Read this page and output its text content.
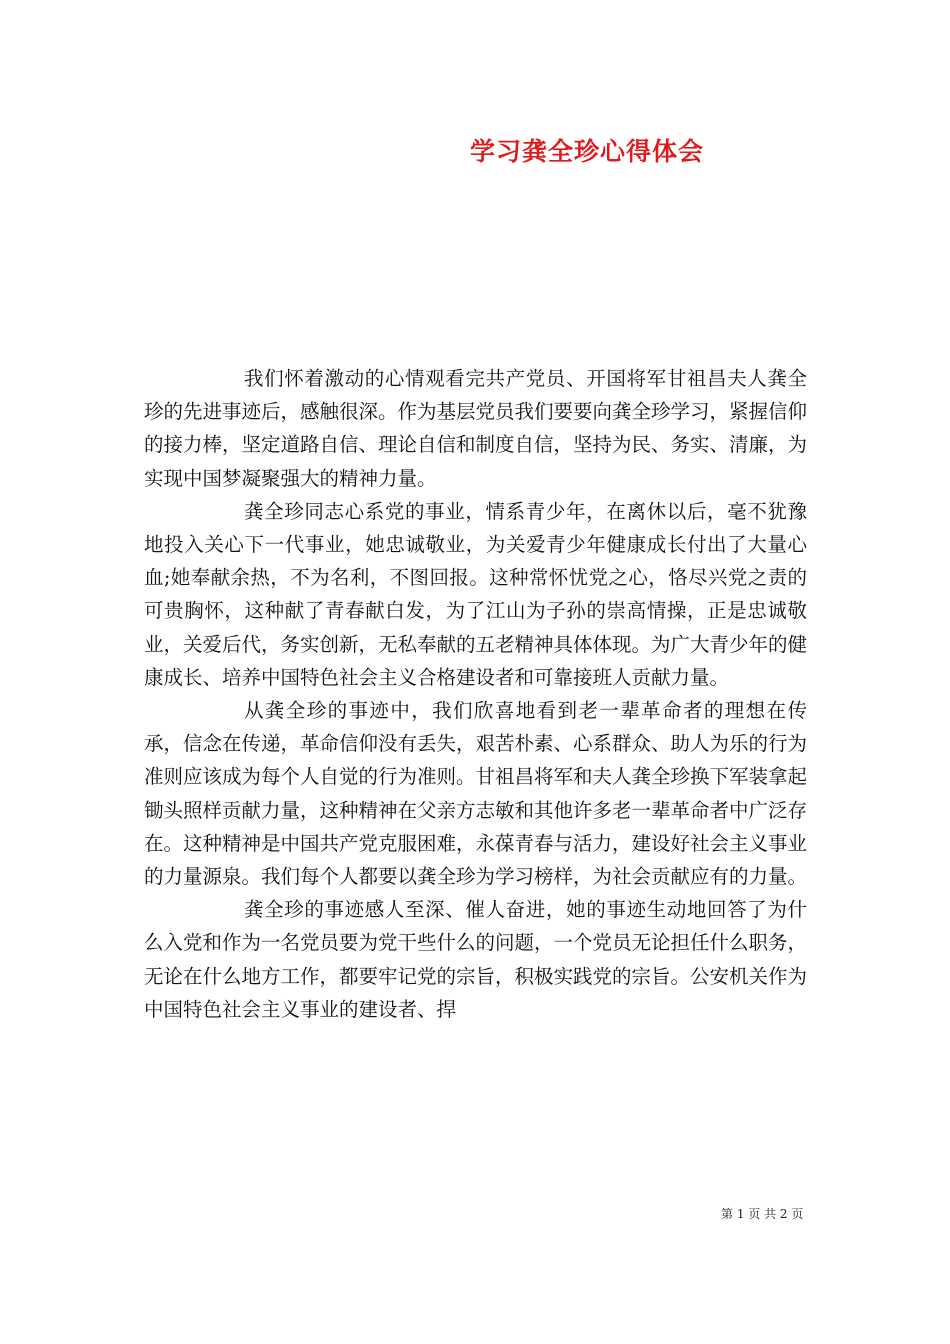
学习龚全珍心得体会

我们怀着激动的心情观看完共产党员、开国将军甘祖昌夫人龚全珍的先进事迹后，感触很深。作为基层党员我们要要向龚全珍学习，紧握信仰的接力棒，坚定道路自信、理论自信和制度自信，坚持为民、务实、清廉，为实现中国梦凝聚强大的精神力量。

龚全珍同志心系党的事业，情系青少年，在离休以后，毫不犹豫地投入关心下一代事业，她忠诚敬业，为关爱青少年健康成长付出了大量心血;她奉献余热，不为名利，不图回报。这种常怀忧党之心，恪尽兴党之责的可贵胸怀，这种献了青春献白发，为了江山为子孙的崇高情操，正是忠诚敬业，关爱后代，务实创新，无私奉献的五老精神具体体现。为广大青少年的健康成长、培养中国特色社会主义合格建设者和可靠接班人贡献力量。

从龚全珍的事迹中，我们欣喜地看到老一辈革命者的理想在传承，信念在传递，革命信仰没有丢失，艰苦朴素、心系群众、助人为乐的行为准则应该成为每个人自觉的行为准则。甘祖昌将军和夫人龚全珍换下军装拿起锄头照样贡献力量，这种精神在父亲方志敏和其他许多老一辈革命者中广泛存在。这种精神是中国共产党克服困难，永葆青春与活力，建设好社会主义事业的力量源泉。我们每个人都要以龚全珍为学习榜样，为社会贡献应有的力量。

龚全珍的事迹感人至深、催人奋进，她的事迹生动地回答了为什么入党和作为一名党员要为党干些什么的问题，一个党员无论担任什么职务，无论在什么地方工作，都要牢记党的宗旨，积极实践党的宗旨。公安机关作为中国特色社会主义事业的建设者、捍

第 1 页 共 2 页
